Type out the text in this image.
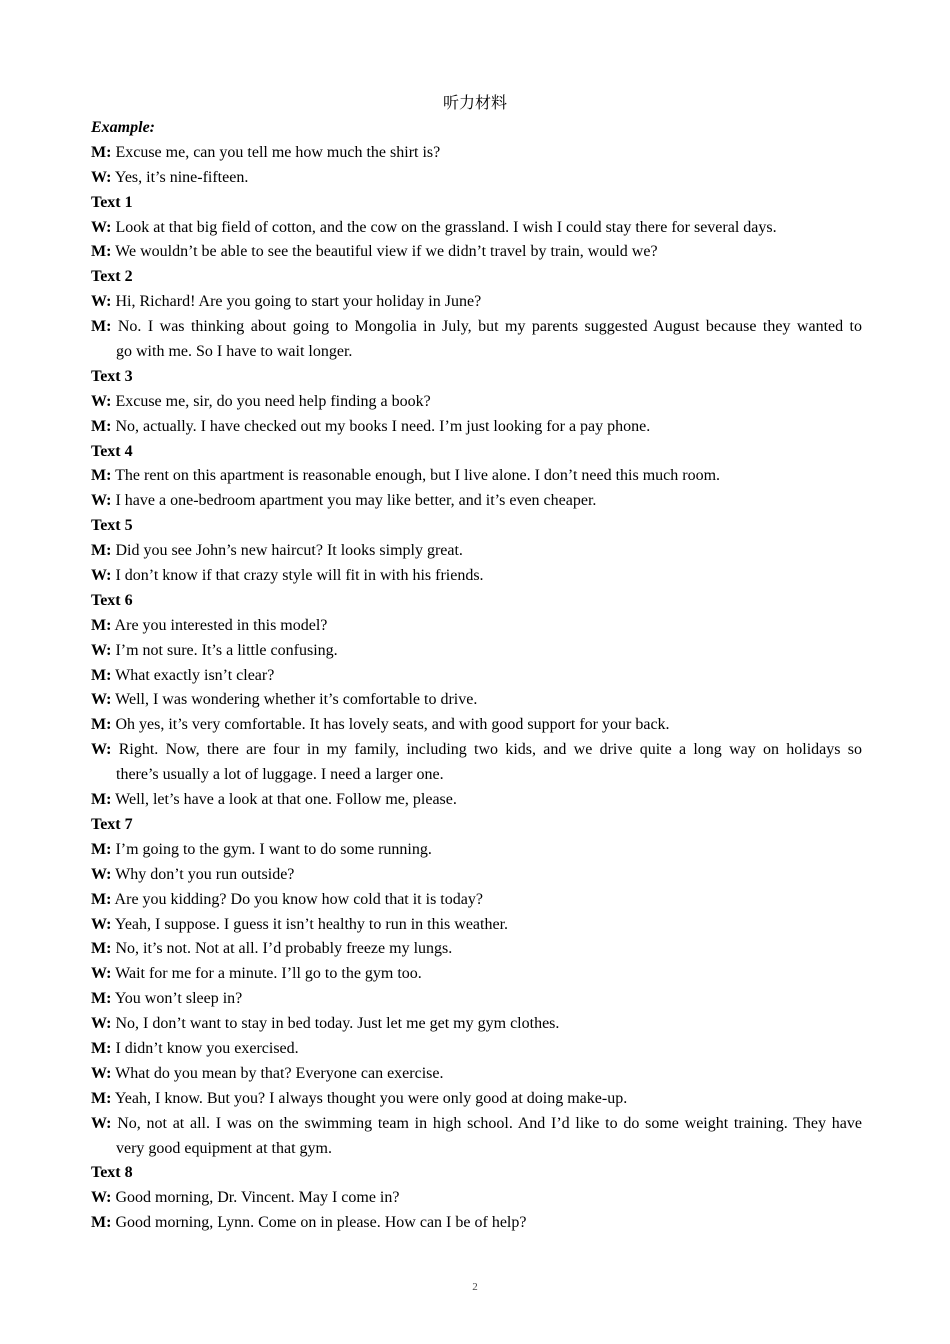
听力材料
Example:
M: Excuse me, can you tell me how much the shirt is?
W: Yes, it’s nine-fifteen.
Text 1
W: Look at that big field of cotton, and the cow on the grassland. I wish I could stay there for several days.
M: We wouldn’t be able to see the beautiful view if we didn’t travel by train, would we?
Text 2
W: Hi, Richard! Are you going to start your holiday in June?
M: No. I was thinking about going to Mongolia in July, but my parents suggested August because they wanted to
go with me. So I have to wait longer.
Text 3
W: Excuse me, sir, do you need help finding a book?
M: No, actually. I have checked out my books I need. I’m just looking for a pay phone.
Text 4
M: The rent on this apartment is reasonable enough, but I live alone. I don’t need this much room.
W: I have a one-bedroom apartment you may like better, and it’s even cheaper.
Text 5
M: Did you see John’s new haircut? It looks simply great.
W: I don’t know if that crazy style will fit in with his friends.
Text 6
M: Are you interested in this model?
W: I’m not sure. It’s a little confusing.
M: What exactly isn’t clear?
W: Well, I was wondering whether it’s comfortable to drive.
M: Oh yes, it’s very comfortable. It has lovely seats, and with good support for your back.
W: Right. Now, there are four in my family, including two kids, and we drive quite a long way on holidays so
there’s usually a lot of luggage. I need a larger one.
M: Well, let’s have a look at that one. Follow me, please.
Text 7
M: I’m going to the gym. I want to do some running.
W: Why don’t you run outside?
M: Are you kidding? Do you know how cold that it is today?
W: Yeah, I suppose. I guess it isn’t healthy to run in this weather.
M: No, it’s not. Not at all. I’d probably freeze my lungs.
W: Wait for me for a minute. I’ll go to the gym too.
M: You won’t sleep in?
W: No, I don’t want to stay in bed today. Just let me get my gym clothes.
M: I didn’t know you exercised.
W: What do you mean by that? Everyone can exercise.
M: Yeah, I know. But you? I always thought you were only good at doing make-up.
W: No, not at all. I was on the swimming team in high school. And I’d like to do some weight training. They have
very good equipment at that gym.
Text 8
W: Good morning, Dr. Vincent. May I come in?
M: Good morning, Lynn. Come on in please. How can I be of help?
2
